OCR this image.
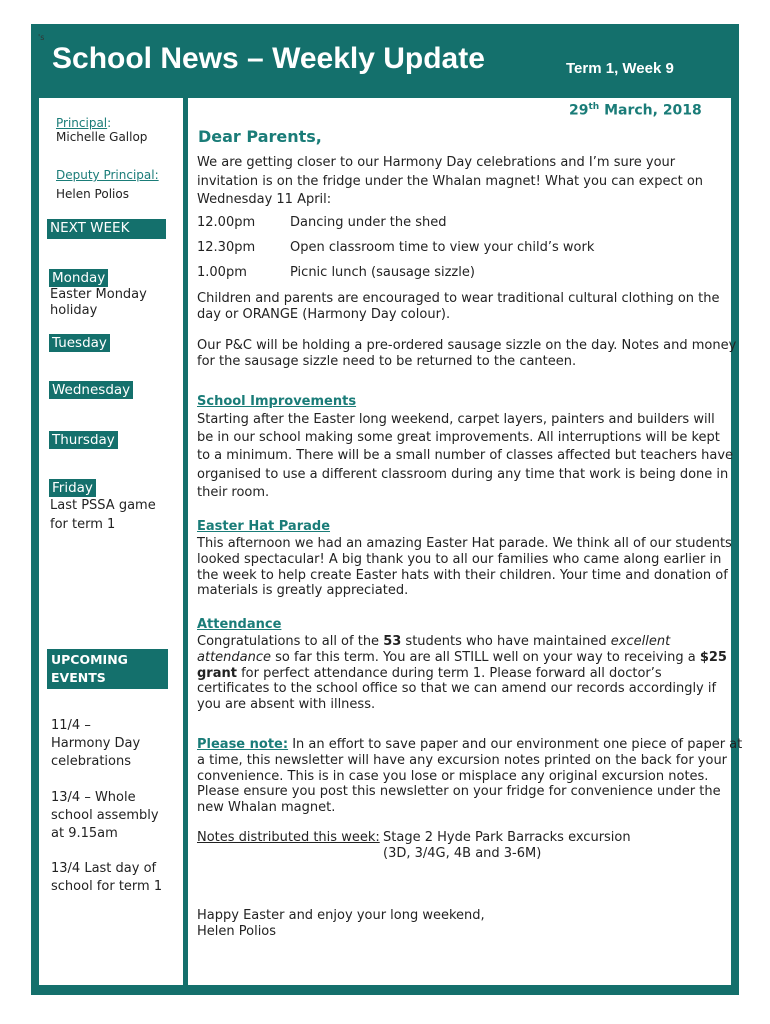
's
School News – Weekly Update	Term 1, Week 9
Principal:
Michelle Gallop
Deputy Principal:
Helen Polios
NEXT WEEK
Monday
Easter Monday
holiday
Tuesday
Wednesday
Thursday
Friday
Last PSSA game
for term 1
UPCOMING
EVENTS
11/4 –
Harmony Day
celebrations
13/4 – Whole
school assembly
at 9.15am
13/4 Last day of
school for term 1
29th March, 2018
Dear Parents,
We are getting closer to our Harmony Day celebrations and I’m sure your
invitation is on the fridge under the Whalan magnet! What you can expect on
Wednesday 11 April:
12.00pm	Dancing under the shed
12.30pm	Open classroom time to view your child’s work
1.00pm	Picnic lunch (sausage sizzle)
Children and parents are encouraged to wear traditional cultural clothing on the
day or ORANGE (Harmony Day colour).
Our P&C will be holding a pre-ordered sausage sizzle on the day. Notes and money
for the sausage sizzle need to be returned to the canteen.
School Improvements
Starting after the Easter long weekend, carpet layers, painters and builders will
be in our school making some great improvements. All interruptions will be kept
to a minimum. There will be a small number of classes affected but teachers have
organised to use a different classroom during any time that work is being done in
their room.
Easter Hat Parade
This afternoon we had an amazing Easter Hat parade. We think all of our students
looked spectacular! A big thank you to all our families who came along earlier in
the week to help create Easter hats with their children. Your time and donation of
materials is greatly appreciated.
Attendance
Congratulations to all of the 53 students who have maintained excellent
attendance so far this term. You are all STILL well on your way to receiving a $25
grant for perfect attendance during term 1. Please forward all doctor’s
certificates to the school office so that we can amend our records accordingly if
you are absent with illness.
Please note: In an effort to save paper and our environment one piece of paper at
a time, this newsletter will have any excursion notes printed on the back for your
convenience. This is in case you lose or misplace any original excursion notes.
Please ensure you post this newsletter on your fridge for convenience under the
new Whalan magnet.
Notes distributed this week: Stage 2 Hyde Park Barracks excursion
(3D, 3/4G, 4B and 3-6M)
Happy Easter and enjoy your long weekend,
Helen Polios
